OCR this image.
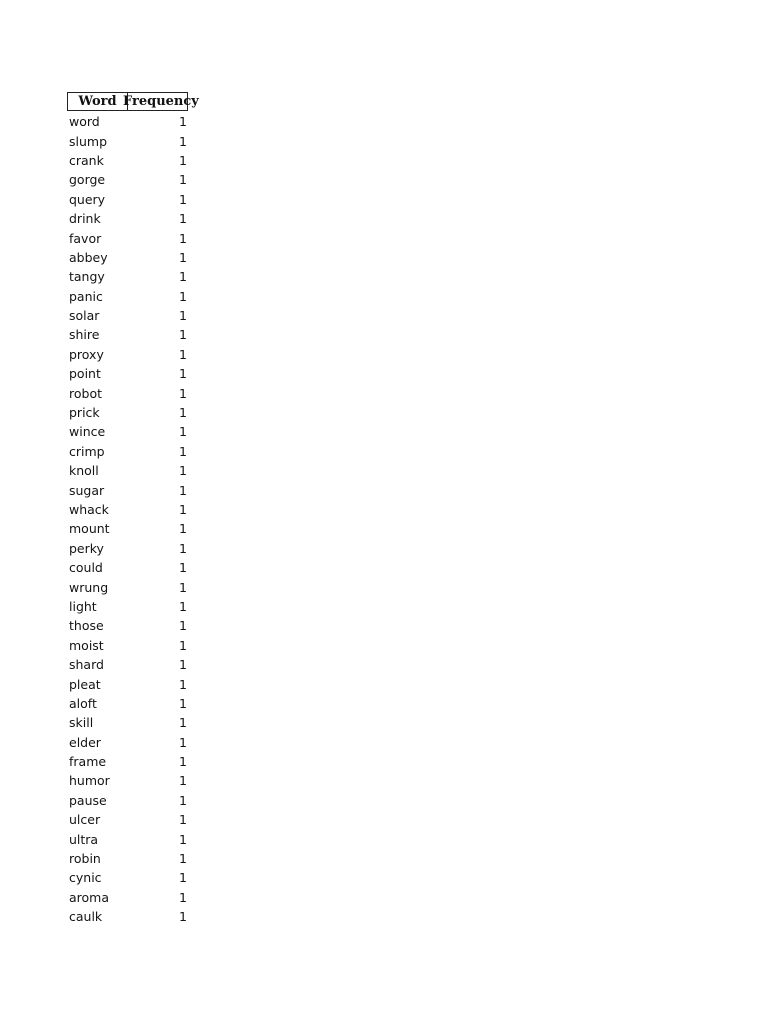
Word Frequency
word	1
slump	1
crank	1
gorge	1
query	1
drink	1
favor	1
abbey	1
tangy	1
panic	1
solar	1
shire	1
proxy	1
point	1
robot	1
prick	1
wince	1
crimp	1
knoll	1
sugar	1
whack	1
mount	1
perky	1
could	1
wrung	1
light	1
those	1
moist	1
shard	1
pleat	1
aloft	1
skill	1
elder	1
frame	1
humor	1
pause	1
ulcer	1
ultra	1
robin	1
cynic	1
aroma	1
caulk	1
